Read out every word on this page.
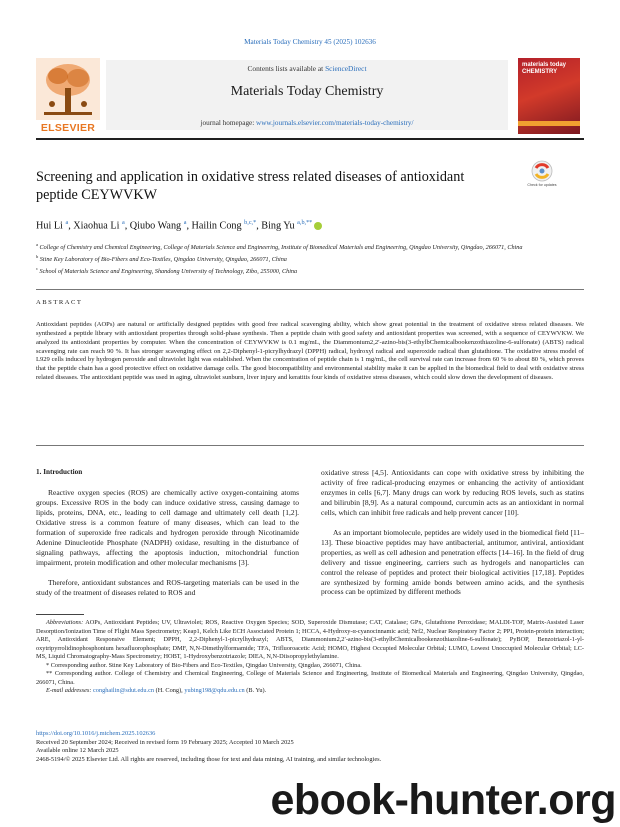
Materials Today Chemistry 45 (2025) 102636
ELSEVIER
Contents lists available at ScienceDirect
Materials Today Chemistry
journal homepage: www.journals.elsevier.com/materials-today-chemistry/
materials today CHEMISTRY
Screening and application in oxidative stress related diseases of antioxidant peptide CEYWVKW
Check for updates
Hui Li $^a$, Xiaohua Li $^a$, Qiubo Wang $^a$, Hailin Cong $^{b,c,*}$, Bing Yu $^{a,b,**}$
$^a$ College of Chemistry and Chemical Engineering, College of Materials Science and Engineering, Institute of Biomedical Materials and Engineering, Qingdao University, Qingdao, 266071, China
$^b$ Stine Key Laboratory of Bio-Fibers and Eco-Textiles, Qingdao University, Qingdao, 266071, China
$^c$ School of Materials Science and Engineering, Shandong University of Technology, Zibo, 255000, China
ABSTRACT
Antioxidant peptides (AOPs) are natural or artificially designed peptides with good free radical scavenging ability, which show great potential in the treatment of oxidative stress related diseases. We synthesized a peptide library with antioxidant properties through solid-phase synthesis. Then a peptide chain with good safety and antioxidant properties was screened, with a sequence of CEYWVKW. We analyzed its antioxidant properties by computer. When the concentration of CEYWVKW is 0.1 mg/mL, the Diammonium2,2′-azino-bis(3-ethylbChemicalbookenzothiazoline-6-sulfonate) (ABTS) radical scavenging rate can reach 90 %. It has stronger scavenging effect on 2,2-Diphenyl-1-picrylhydrazyl (DPPH) radical, hydroxyl radical and superoxide radical than glutathione. The oxidative stress model of L929 cells induced by hydrogen peroxide and ultraviolet light was established. When the concentration of peptide chain is 1 mg/mL, the cell survival rate can increase from 60 % to about 80 %, which proves that the peptide chain has a good protective effect on oxidative damage cells. The good biocompatibility and environmental stability make it can be applied in the biomedical field to deal with oxidative stress related diseases. The antioxidant peptide was used in aging, ultraviolet sunburn, liver injury and keratitis four kinds of oxidative stress diseases, which could slow down the development of diseases.
1. Introduction

Reactive oxygen species (ROS) are chemically active oxygen-containing atoms groups. Excessive ROS in the body can induce oxidative stress, causing damage to lipids, proteins, DNA, etc., leading to cell damage and ultimately cell death [1,2]. Oxidative stress is a common feature of many diseases, which can lead to the formation of superoxide free radicals and hydrogen peroxide through Nicotinamide Adenine Dinucleotide Phosphate (NADPH) oxidase, resulting in the disturbance of signaling pathways, affecting the apoptosis induction, mitochondrial function impairment, protein modification and other molecular mechanisms [3].

Therefore, antioxidant substances and ROS-targeting materials can be used in the study of the treatment of diseases related to ROS and

oxidative stress [4,5]. Antioxidants can cope with oxidative stress by inhibiting the activity of free radical-producing enzymes or enhancing the activity of antioxidant enzymes in cells [6,7]. Many drugs can work by reducing ROS levels, such as statins and bilirubin [8,9]. As a natural compound, curcumin acts as an antioxidant in normal cells, which can inhibit free radicals and help prevent cancer [10].

As an important biomolecule, peptides are widely used in the biomedical field [11–13]. These bioactive peptides may have antibacterial, antitumor, antiviral, antioxidant properties, as well as cell adhesion and penetration effects [14–16]. In the field of drug delivery and tissue engineering, carriers such as hydrogels and nanoparticles can control the release of peptides and protect their biological activities [17,18]. Peptides are synthesized by forming amide bonds between amino acids, and the synthesis process can be optimized by different methods

Abbreviations: AOPs, Antioxidant Peptides; UV, Ultraviolet; ROS, Reactive Oxygen Species; SOD, Superoxide Dismutase; CAT, Catalase; GPx, Glutathione Peroxidase; MALDI-TOF, Matrix-Assisted Laser Desorption/Ionization Time of Flight Mass Spectrometry; Keap1, Kelch Like ECH Associated Protein 1; HCCA, 4-Hydroxy-α-cyanocinnamic acid; Nrf2, Nuclear Respiratory Factor 2; PPI, Protein-protein interaction; ARE, Antioxidant Responsive Element; DPPH, 2,2-Diphenyl-1-picrylhydrazyl; ABTS, Diammonium2,2′-azino-bis(3-ethylbChemicalbookenzothiazoline-6-sulfonate); PyBOP, Benzotriazol-1-yl-oxytripyrrolidinophosphonium hexafluorophosphate; DMF, N,N-Dimethylformamide; TFA, Trifluoroacetic Acid; HOMO, Highest Occupied Molecular Orbital; LUMO, Lowest Unoccupied Molecular Orbital; LC-MS, Liquid Chromatography-Mass Spectrometry; HOBT, 1-Hydroxybenzotriazole; DIEA, N,N-Diisopropylethylamine.

* Corresponding author. Stine Key Laboratory of Bio-Fibers and Eco-Textiles, Qingdao University, Qingdao, 266071, China.

** Corresponding author. College of Chemistry and Chemical Engineering, College of Materials Science and Engineering, Institute of Biomedical Materials and Engineering, Qingdao University, Qingdao, 266071, China.

E-mail addresses: conghailin@sdut.edu.cn (H. Cong), yubing198@qdu.edu.cn (B. Yu).

https://doi.org/10.1016/j.mtchem.2025.102636
Received 20 September 2024; Received in revised form 19 February 2025; Accepted 10 March 2025
Available online 12 March 2025
2468-5194/© 2025 Elsevier Ltd. All rights are reserved, including those for text and data mining, AI training, and similar technologies.
ebook-hunter.org
